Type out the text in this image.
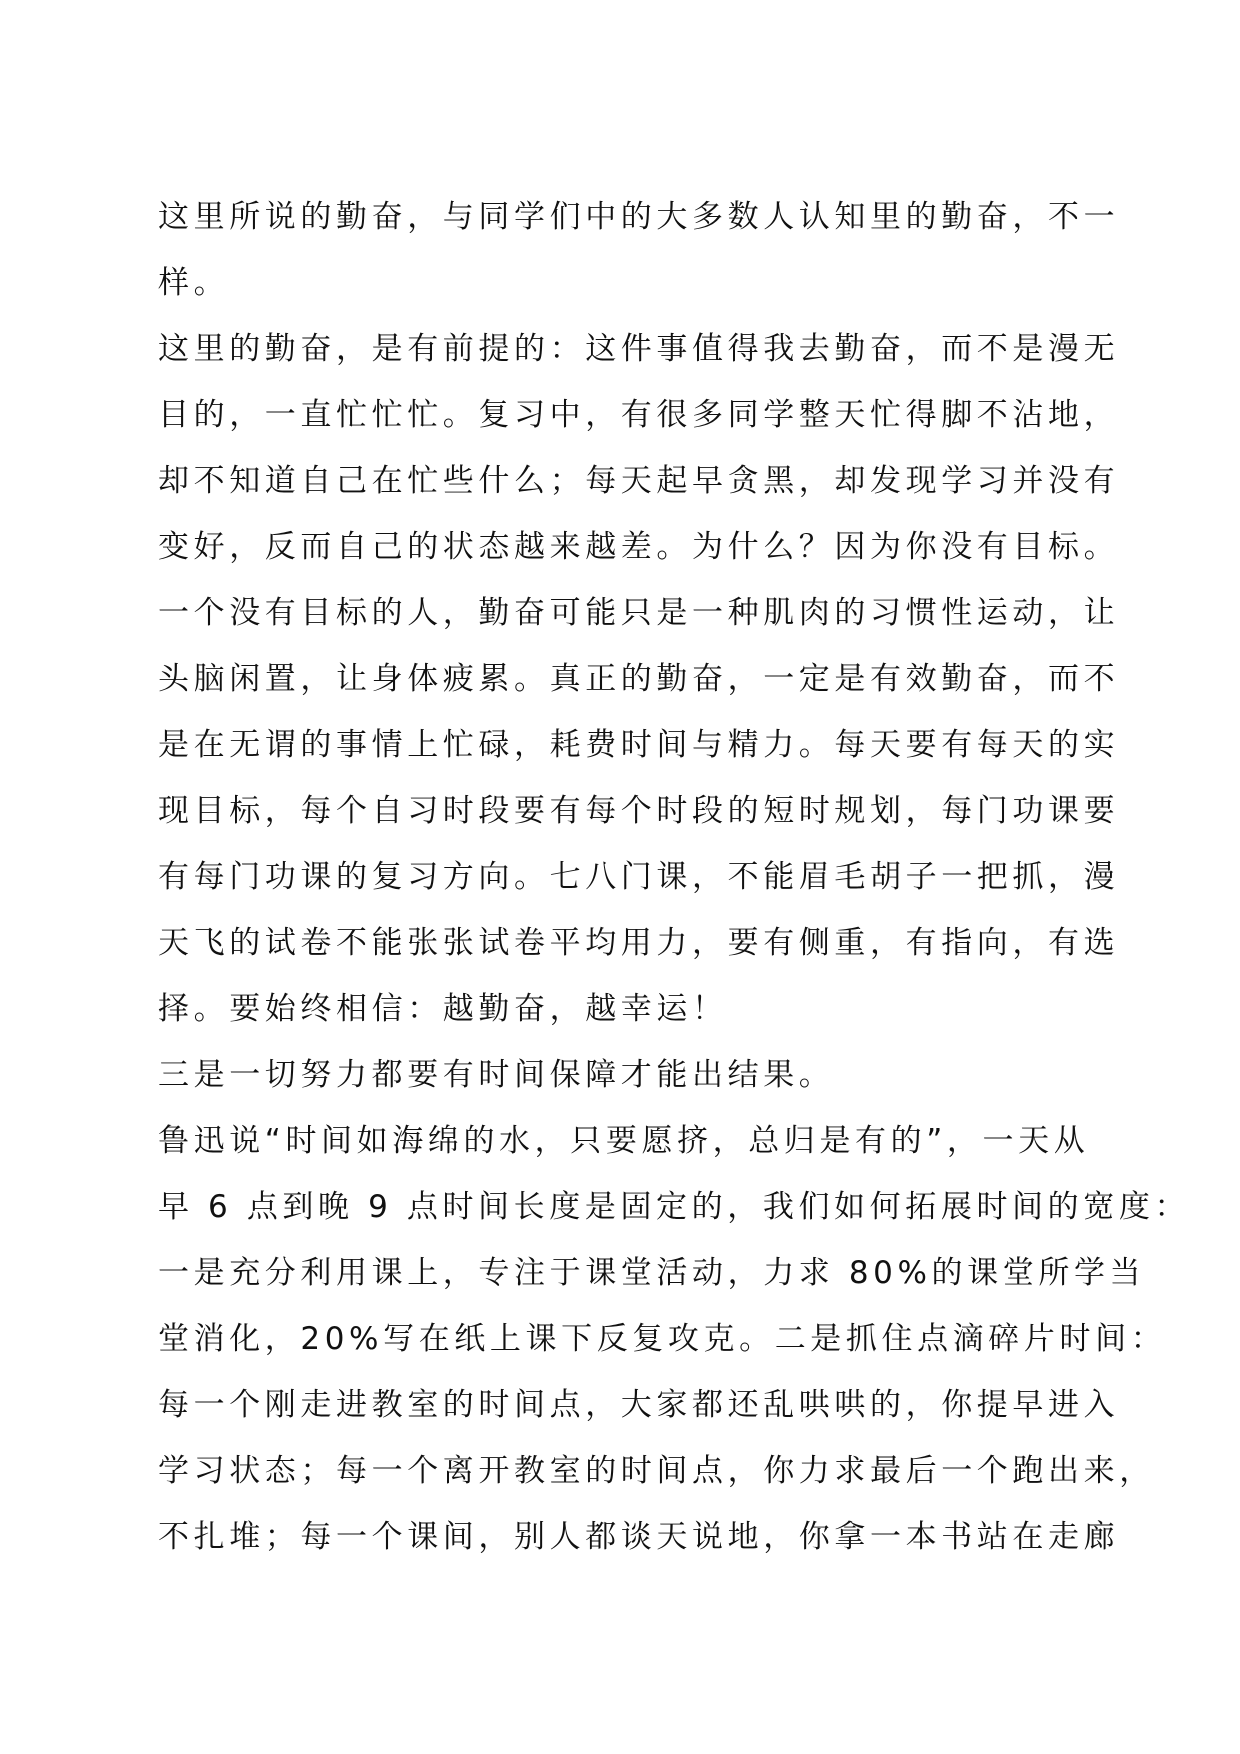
这里所说的勤奋，与同学们中的大多数人认知里的勤奋，不一
样。
这里的勤奋，是有前提的：这件事值得我去勤奋，而不是漫无
目的，一直忙忙忙。复习中，有很多同学整天忙得脚不沾地，
却不知道自己在忙些什么；每天起早贪黑，却发现学习并没有
变好，反而自己的状态越来越差。为什么？因为你没有目标。
一个没有目标的人，勤奋可能只是一种肌肉的习惯性运动，让
头脑闲置，让身体疲累。真正的勤奋，一定是有效勤奋，而不
是在无谓的事情上忙碌，耗费时间与精力。每天要有每天的实
现目标，每个自习时段要有每个时段的短时规划，每门功课要
有每门功课的复习方向。七八门课，不能眉毛胡子一把抓，漫
天飞的试卷不能张张试卷平均用力，要有侧重，有指向，有选
择。要始终相信：越勤奋，越幸运！
三是一切努力都要有时间保障才能出结果。
鲁迅说“时间如海绵的水，只要愿挤，总归是有的”，一天从
早 6 点到晚 9 点时间长度是固定的，我们如何拓展时间的宽度：
一是充分利用课上，专注于课堂活动，力求 80%的课堂所学当
堂消化，20%写在纸上课下反复攻克。二是抓住点滴碎片时间：
每一个刚走进教室的时间点，大家都还乱哄哄的，你提早进入
学习状态；每一个离开教室的时间点，你力求最后一个跑出来，
不扎堆；每一个课间，别人都谈天说地，你拿一本书站在走廊
